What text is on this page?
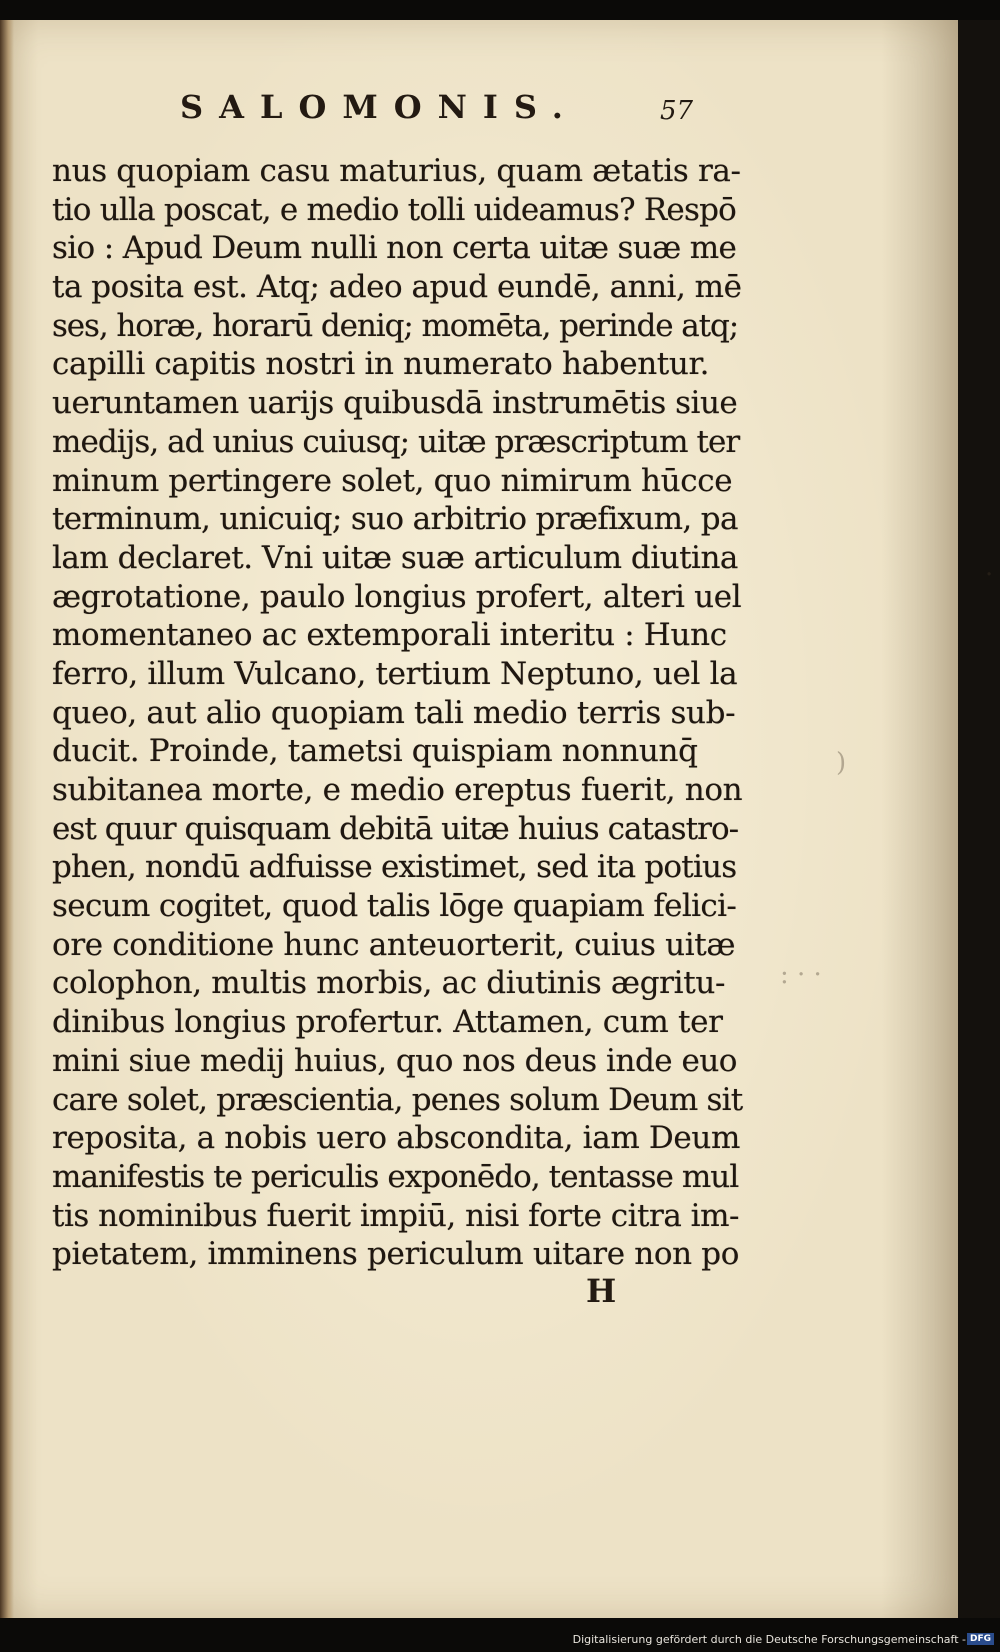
·
)
: · ·
SALOMONIS.	57
nus quopiam casu maturius, quam ætatis ra-
tio ulla poscat, e medio tolli uideamus? Respō
sio : Apud Deum nulli non certa uitæ suæ me
ta posita est. Atq; adeo apud eundē, anni, mē
ses, horæ, horarū deniq; momēta, perinde atq;
capilli capitis nostri in numerato habentur.
ueruntamen uarijs quibusdā instrumētis siue
medijs, ad unius cuiusq; uitæ præscriptum ter
minum pertingere solet, quo nimirum hūcce
terminum, unicuiq; suo arbitrio præfixum, pa
lam declaret. Vni uitæ suæ articulum diutina
ægrotatione, paulo longius profert, alteri uel
momentaneo ac extemporali interitu : Hunc
ferro, illum Vulcano, tertium Neptuno, uel la
queo, aut alio quopiam tali medio terris sub-
ducit. Proinde, tametsi quispiam nonnunq̄
subitanea morte, e medio ereptus fuerit, non
est quur quisquam debitā uitæ huius catastro-
phen, nondū adfuisse existimet, sed ita potius
secum cogitet, quod talis lōge quapiam felici-
ore conditione hunc anteuorterit, cuius uitæ
colophon, multis morbis, ac diutinis ægritu-
dinibus longius profertur. Attamen, cum ter
mini siue medij huius, quo nos deus inde euo
care solet, præscientia, penes solum Deum sit
reposita, a nobis uero abscondita, iam Deum
manifestis te periculis exponēdo, tentasse mul
tis nominibus fuerit impiū, nisi forte citra im-
pietatem, imminens periculum uitare non po
H
Digitalisierung gefördert durch die Deutsche Forschungsgemeinschaft - DFG
